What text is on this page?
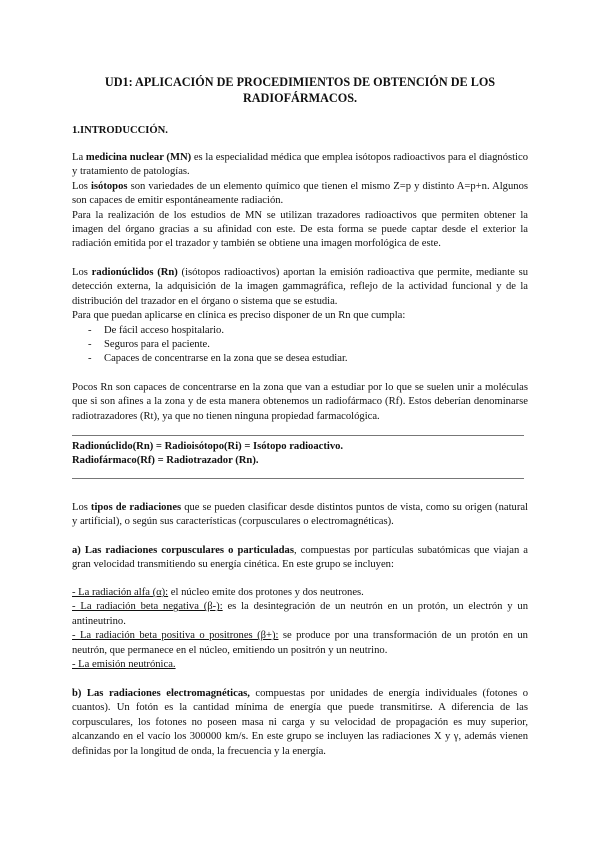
UD1: APLICACIÓN DE PROCEDIMIENTOS DE OBTENCIÓN DE LOS RADIOFÁRMACOS.
1.INTRODUCCIÓN.

La medicina nuclear (MN) es la especialidad médica que emplea isótopos radioactivos para el diagnóstico y tratamiento de patologías.

Los isótopos son variedades de un elemento químico que tienen el mismo Z=p y distinto A=p+n. Algunos son capaces de emitir espontáneamente radiación.

Para la realización de los estudios de MN se utilizan trazadores radioactivos que permiten obtener la imagen del órgano gracias a su afinidad con este. De esta forma se puede captar desde el exterior la radiación emitida por el trazador y también se obtiene una imagen morfológica de este.

Los radionúclidos (Rn) (isótopos radioactivos) aportan la emisión radioactiva que permite, mediante su detección externa, la adquisición de la imagen gammagráfica, reflejo de la actividad funcional y de la distribución del trazador en el órgano o sistema que se estudia.

Para que puedan aplicarse en clínica es preciso disponer de un Rn que cumpla:

- De fácil acceso hospitalario.
- Seguros para el paciente.
- Capaces de concentrarse en la zona que se desea estudiar.

Pocos Rn son capaces de concentrarse en la zona que van a estudiar por lo que se suelen unir a moléculas que si son afines a la zona y de esta manera obtenemos un radiofármaco (Rf). Estos deberían denominarse radiotrazadores (Rt), ya que no tienen ninguna propiedad farmacológica.

Radionúclido(Rn) = Radioisótopo(Ri) = Isótopo radioactivo.

Radiofármaco(Rf) = Radiotrazador (Rn).

Los tipos de radiaciones que se pueden clasificar desde distintos puntos de vista, como su origen (natural y artificial), o según sus características (corpusculares o electromagnéticas).

a) Las radiaciones corpusculares o particuladas, compuestas por partículas subatómicas que viajan a gran velocidad transmitiendo su energía cinética. En este grupo se incluyen:

- La radiación alfa (α): el núcleo emite dos protones y dos neutrones.

- La radiación beta negativa (β-): es la desintegración de un neutrón en un protón, un electrón y un antineutrino.

- La radiación beta positiva o positrones (β+): se produce por una transformación de un protón en un neutrón, que permanece en el núcleo, emitiendo un positrón y un neutrino.

- La emisión neutrónica.

b) Las radiaciones electromagnéticas, compuestas por unidades de energía individuales (fotones o cuantos). Un fotón es la cantidad mínima de energía que puede transmitirse. A diferencia de las corpusculares, los fotones no poseen masa ni carga y su velocidad de propagación es muy superior, alcanzando en el vacío los 300000 km/s. En este grupo se incluyen las radiaciones X y γ, además vienen definidas por la longitud de onda, la frecuencia y la energía.
